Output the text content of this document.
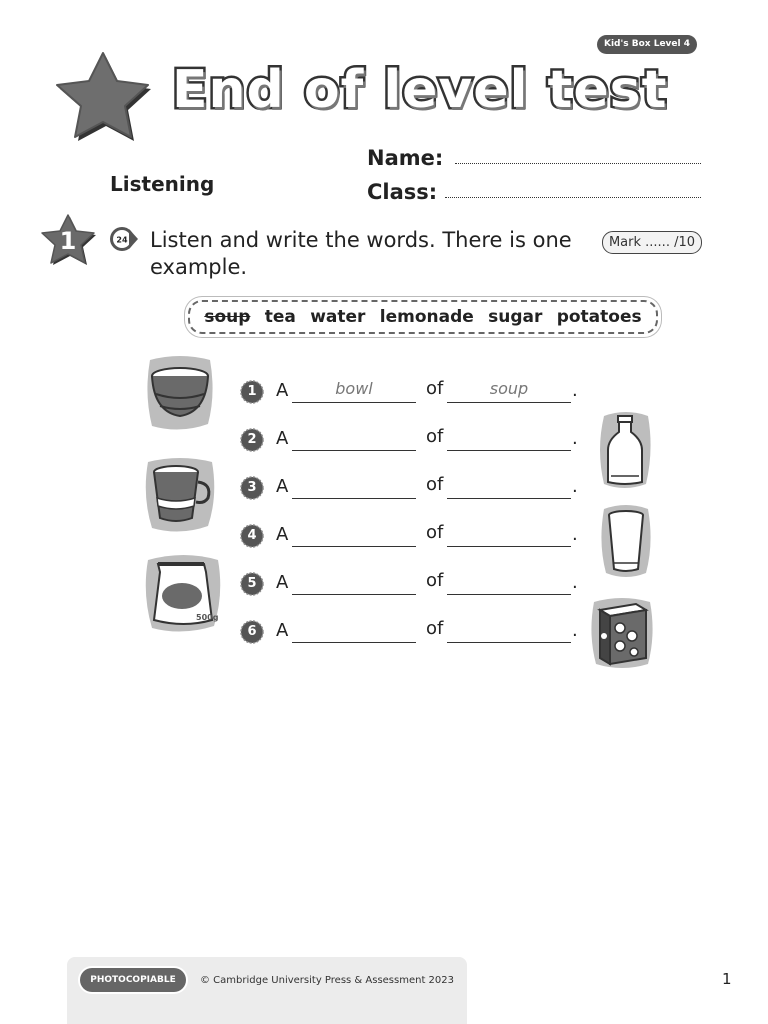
Kid's Box Level 4
End of level test
Name:
Class:
Listening
1	24 Listen and write the words. There is one example.
Mark ...... /10
soup tea water lemonade sugar potatoes
1	A	bowl	of	soup	.
2	A	of	.
3	A	of	.
4	A	of	.
5	A	of	.
6	A	of	.
500g
PHOTOCOPIABLE	© Cambridge University Press & Assessment 2023	1
